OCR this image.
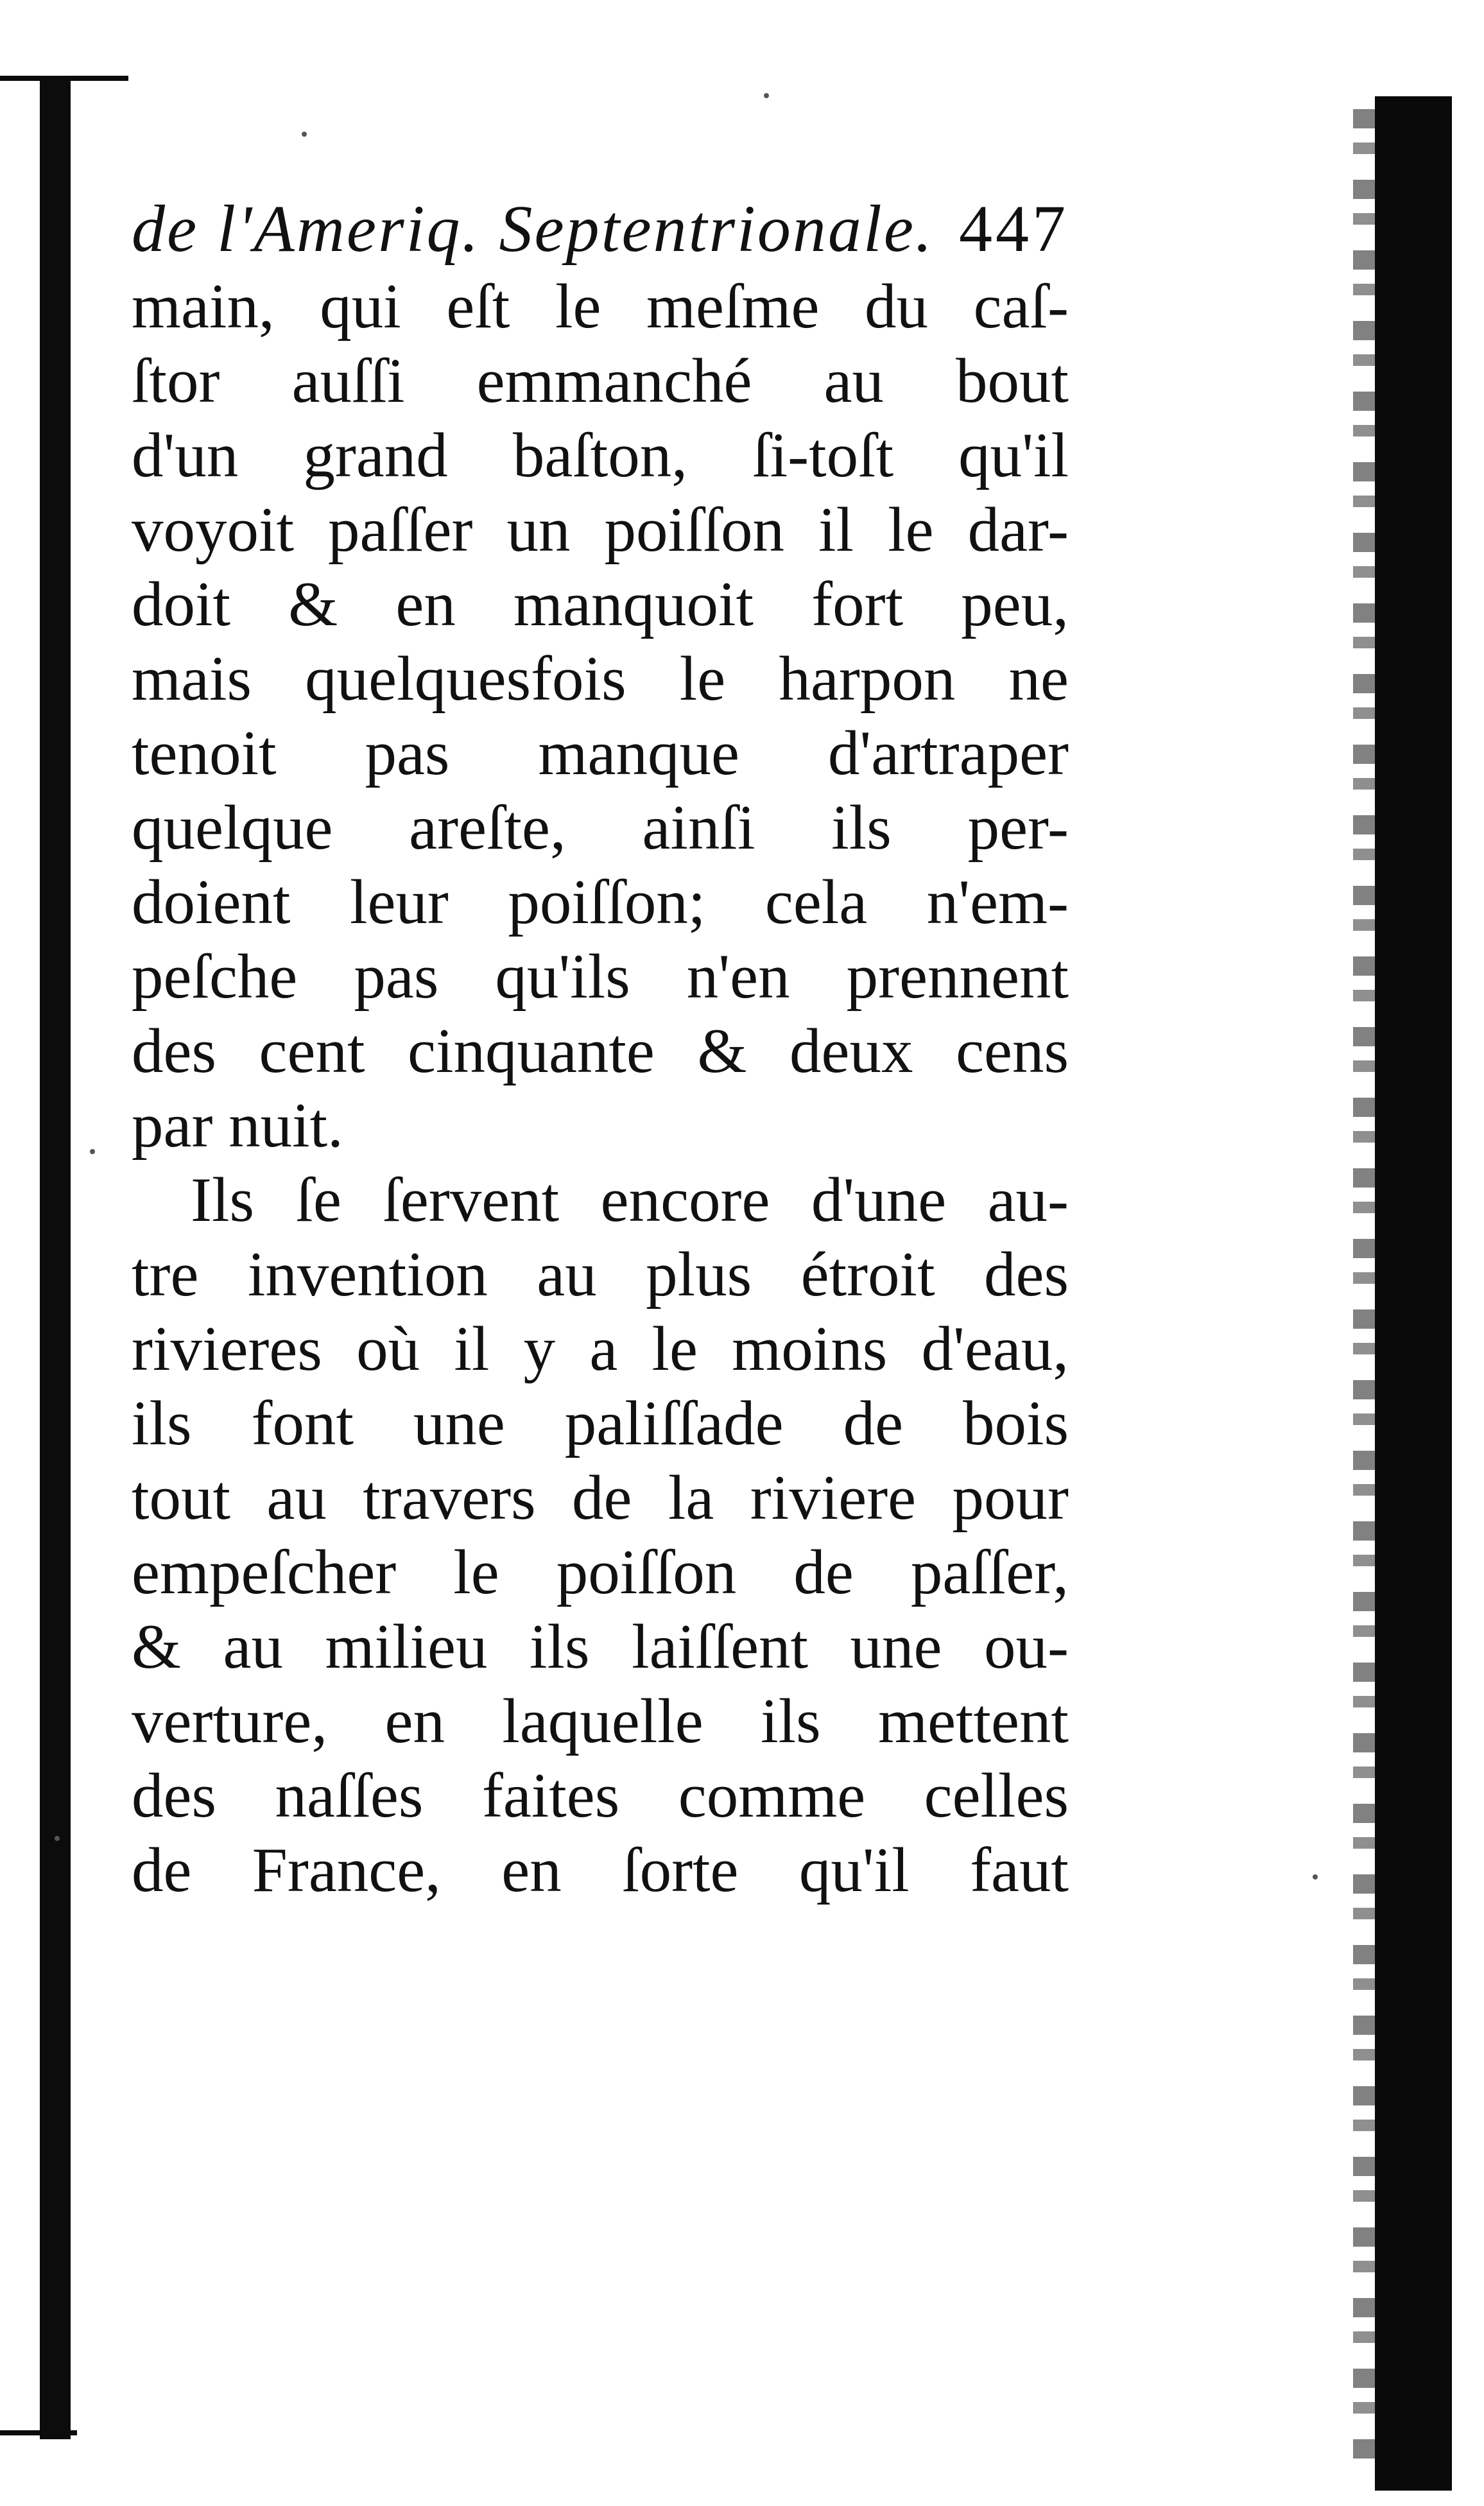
de l'Ameriq. Septentrionale. 447
main, qui eſt le meſme du caſ-
ſtor auſſi emmanché au bout
d'un grand baſton, ſi-toſt qu'il
voyoit paſſer un poiſſon il le dar-
doit & en manquoit fort peu,
mais quelquesfois le harpon ne
tenoit pas manque d'artraper
quelque areſte, ainſi ils per-
doient leur poiſſon; cela n'em-
peſche pas qu'ils n'en prennent
des cent cinquante & deux cens
par nuit.
Ils ſe ſervent encore d'une au-
tre invention au plus étroit des
rivieres où il y a le moins d'eau,
ils font une paliſſade de bois
tout au travers de la riviere pour
empeſcher le poiſſon de paſſer,
& au milieu ils laiſſent une ou-
verture, en laquelle ils mettent
des naſſes faites comme celles
de France, en ſorte qu'il faut
